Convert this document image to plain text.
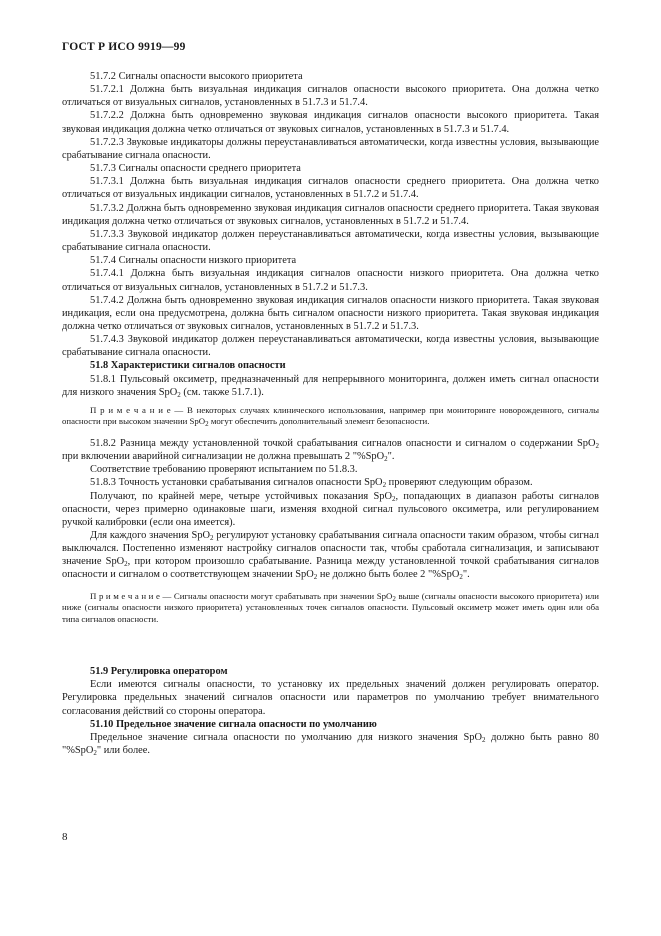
ГОСТ Р ИСО 9919—99

51.7.2 Сигналы опасности высокого приоритета

51.7.2.1 Должна быть визуальная индикация сигналов опасности высокого приоритета. Она должна четко отличаться от визуальных сигналов, установленных в 51.7.3 и 51.7.4.

51.7.2.2 Должна быть одновременно звуковая индикация сигналов опасности высокого приоритета. Такая звуковая индикация должна четко отличаться от звуковых сигналов, установленных в 51.7.3 и 51.7.4.

51.7.2.3 Звуковые индикаторы должны переустанавливаться автоматически, когда известны условия, вызывающие срабатывание сигнала опасности.

51.7.3 Сигналы опасности среднего приоритета

51.7.3.1 Должна быть визуальная индикация сигналов опасности среднего приоритета. Она должна четко отличаться от визуальных индикации сигналов, установленных в 51.7.2 и 51.7.4.

51.7.3.2 Должна быть одновременно звуковая индикация сигналов опасности среднего приоритета. Такая звуковая индикация должна четко отличаться от звуковых сигналов, установленных в 51.7.2 и 51.7.4.

51.7.3.3 Звуковой индикатор должен переустанавливаться автоматически, когда известны условия, вызывающие срабатывание сигнала опасности.

51.7.4 Сигналы опасности низкого приоритета

51.7.4.1 Должна быть визуальная индикация сигналов опасности низкого приоритета. Она должна четко отличаться от визуальных сигналов, установленных в 51.7.2 и 51.7.3.

51.7.4.2 Должна быть одновременно звуковая индикация сигналов опасности низкого приоритета. Такая звуковая индикация, если она предусмотрена, должна быть сигналом опасности низкого приоритета. Такая звуковая индикация должна четко отличаться от звуковых сигналов, установленных в 51.7.2 и 51.7.3.

51.7.4.3 Звуковой индикатор должен переустанавливаться автоматически, когда известны условия, вызывающие срабатывание сигнала опасности.

51.8 Характеристики сигналов опасности

51.8.1 Пульсовый оксиметр, предназначенный для непрерывного мониторинга, должен иметь сигнал опасности для низкого значения SpO$_2$ (см. также 51.7.1).

П р и м е ч а н и е — В некоторых случаях клинического использования, например при мониторинге новорожденного, сигналы опасности при высоком значении SpO$_2$ могут обеспечить дополнительный элемент безопасности.

51.8.2 Разница между установленной точкой срабатывания сигналов опасности и сигналом о содержании SpO$_2$ при включении аварийной сигнализации не должна превышать 2 "%SpO$_2$".

Соответствие требованию проверяют испытанием по 51.8.3.

51.8.3 Точность установки срабатывания сигналов опасности SpO$_2$ проверяют следующим образом.

Получают, по крайней мере, четыре устойчивых показания SpO$_2$, попадающих в диапазон работы сигналов опасности, через примерно одинаковые шаги, изменяя входной сигнал пульсового оксиметра, или регулированием ручкой калибровки (если она имеется).

Для каждого значения SpO$_2$ регулируют установку срабатывания сигнала опасности таким образом, чтобы сигнал выключался. Постепенно изменяют настройку сигналов опасности так, чтобы сработала сигнализация, и записывают значение SpO$_2$, при котором произошло срабатывание. Разница между установленной точкой срабатывания сигналов опасности и сигналом о соответствующем значении SpO$_2$ не должно быть более 2 "%SpO$_2$".

П р и м е ч а н и е — Сигналы опасности могут срабатывать при значении SpO$_2$ выше (сигналы опасности высокого приоритета) или ниже (сигналы опасности низкого приоритета) установленных точек сигналов опасности. Пульсовый оксиметр может иметь один или оба типа сигналов опасности.

51.9 Регулировка оператором

Если имеются сигналы опасности, то установку их предельных значений должен регулировать оператор. Регулировка предельных значений сигналов опасности или параметров по умолчанию требует внимательного согласования действий со стороны оператора.

51.10 Предельное значение сигнала опасности по умолчанию

Предельное значение сигнала опасности по умолчанию для низкого значения SpO$_2$ должно быть равно 80 "%SpO$_2$" или более.

8
